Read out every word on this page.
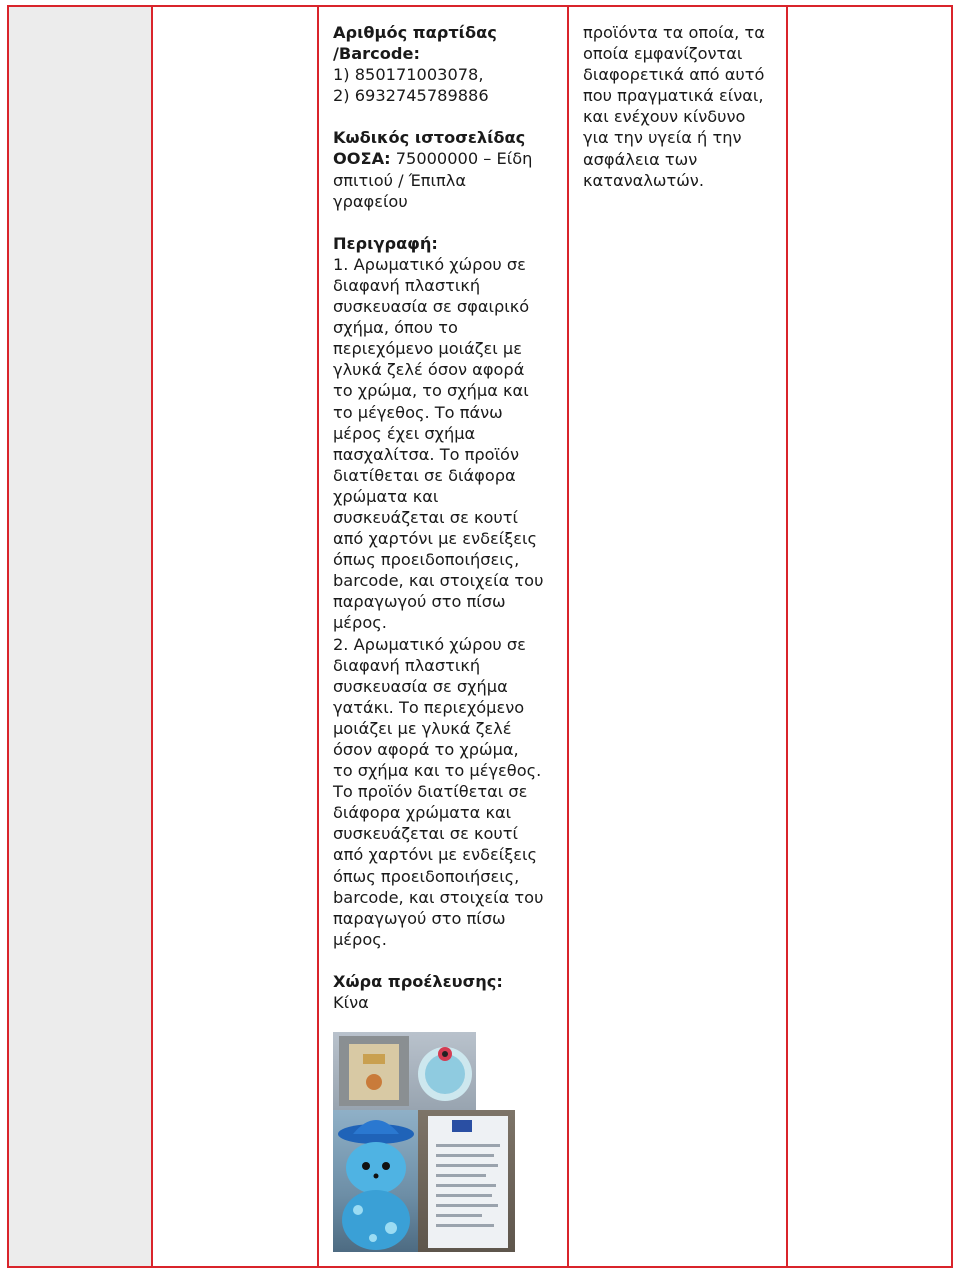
Αριθμός παρτίδας
/Barcode:
1) 850171003078,
2) 6932745789886
Κωδικός ιστοσελίδας
ΟΟΣΑ: 75000000 – Είδη
σπιτιού / Έπιπλα
γραφείου
Περιγραφή:
1. Αρωματικό χώρου σε
διαφανή πλαστική
συσκευασία σε σφαιρικό
σχήμα, όπου το
περιεχόμενο μοιάζει με
γλυκά ζελέ όσον αφορά
το χρώμα, το σχήμα και
το μέγεθος. Το πάνω
μέρος έχει σχήμα
πασχαλίτσα. Το προϊόν
διατίθεται σε διάφορα
χρώματα και
συσκευάζεται σε κουτί
από χαρτόνι με ενδείξεις
όπως προειδοποιήσεις,
barcode, και στοιχεία του
παραγωγού στο πίσω
μέρος.
2. Αρωματικό χώρου σε
διαφανή πλαστική
συσκευασία σε σχήμα
γατάκι. Το περιεχόμενο
μοιάζει με γλυκά ζελέ
όσον αφορά το χρώμα,
το σχήμα και το μέγεθος.
Το προϊόν διατίθεται σε
διάφορα χρώματα και
συσκευάζεται σε κουτί
από χαρτόνι με ενδείξεις
όπως προειδοποιήσεις,
barcode, και στοιχεία του
παραγωγού στο πίσω
μέρος.
Χώρα προέλευσης:
Κίνα
προϊόντα τα οποία, τα
οποία εμφανίζονται
διαφορετικά από αυτό
που πραγματικά είναι,
και ενέχουν κίνδυνο
για την υγεία ή την
ασφάλεια των
καταναλωτών.
